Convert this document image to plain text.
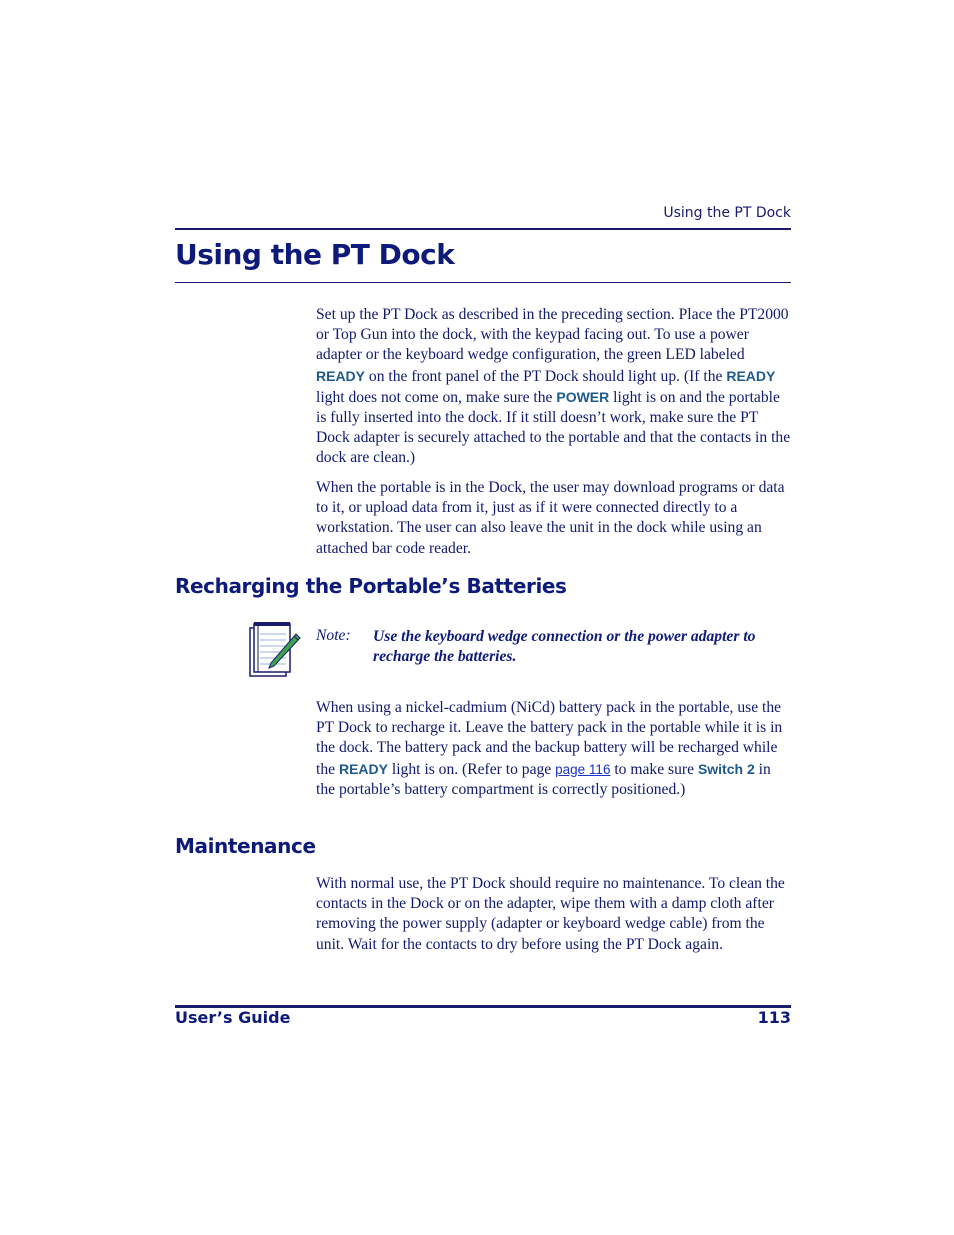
Using the PT Dock
Using the PT Dock

Set up the PT Dock as described in the preceding section. Place the PT2000 or Top Gun into the dock, with the keypad facing out. To use a power adapter or the keyboard wedge configuration, the green LED labeled READY on the front panel of the PT Dock should light up. (If the READY light does not come on, make sure the POWER light is on and the portable is fully inserted into the dock. If it still doesn’t work, make sure the PT Dock adapter is securely attached to the portable and that the contacts in the dock are clean.)

When the portable is in the Dock, the user may download programs or data to it, or upload data from it, just as if it were connected directly to a workstation. The user can also leave the unit in the dock while using an attached bar code reader.

Recharging the Portable’s Batteries
Note: Use the keyboard wedge connection or the power adapter to recharge the batteries.

When using a nickel-cadmium (NiCd) battery pack in the portable, use the PT Dock to recharge it. Leave the battery pack in the portable while it is in the dock. The battery pack and the backup battery will be recharged while the READY light is on. (Refer to page page 116 to make sure Switch 2 in the portable’s battery compartment is correctly positioned.)

Maintenance

With normal use, the PT Dock should require no maintenance. To clean the contacts in the Dock or on the adapter, wipe them with a damp cloth after removing the power supply (adapter or keyboard wedge cable) from the unit. Wait for the contacts to dry before using the PT Dock again.

User’s Guide	113
